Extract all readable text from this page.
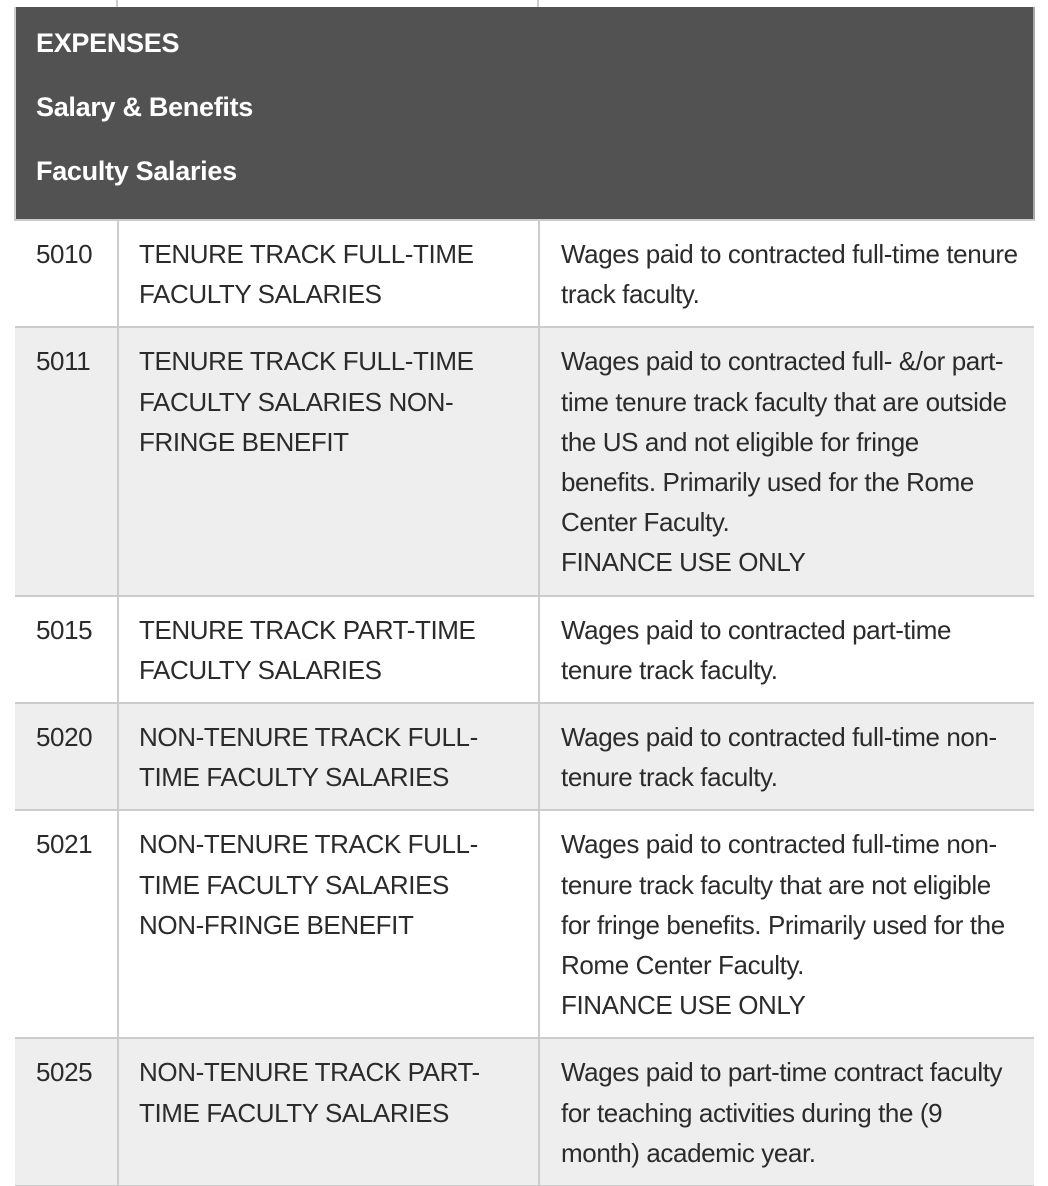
EXPENSES
Salary & Benefits
Faculty Salaries		

5010	TENURE TRACK FULL-TIME FACULTY SALARIES	Wages paid to contracted full-time tenure track faculty.

5011	TENURE TRACK FULL-TIME FACULTY SALARIES NON-FRINGE BENEFIT	Wages paid to contracted full- &/or part-time tenure track faculty that are outside the US and not eligible for fringe benefits. Primarily used for the Rome Center Faculty.
FINANCE USE ONLY

5015	TENURE TRACK PART-TIME FACULTY SALARIES	Wages paid to contracted part-time tenure track faculty.

5020	NON-TENURE TRACK FULL-TIME FACULTY SALARIES	Wages paid to contracted full-time non-tenure track faculty.

5021	NON-TENURE TRACK FULL-TIME FACULTY SALARIES NON-FRINGE BENEFIT	Wages paid to contracted full-time non-tenure track faculty that are not eligible for fringe benefits. Primarily used for the Rome Center Faculty.
FINANCE USE ONLY

5025	NON-TENURE TRACK PART-TIME FACULTY SALARIES	Wages paid to part-time contract faculty for teaching activities during the (9 month) academic year.
